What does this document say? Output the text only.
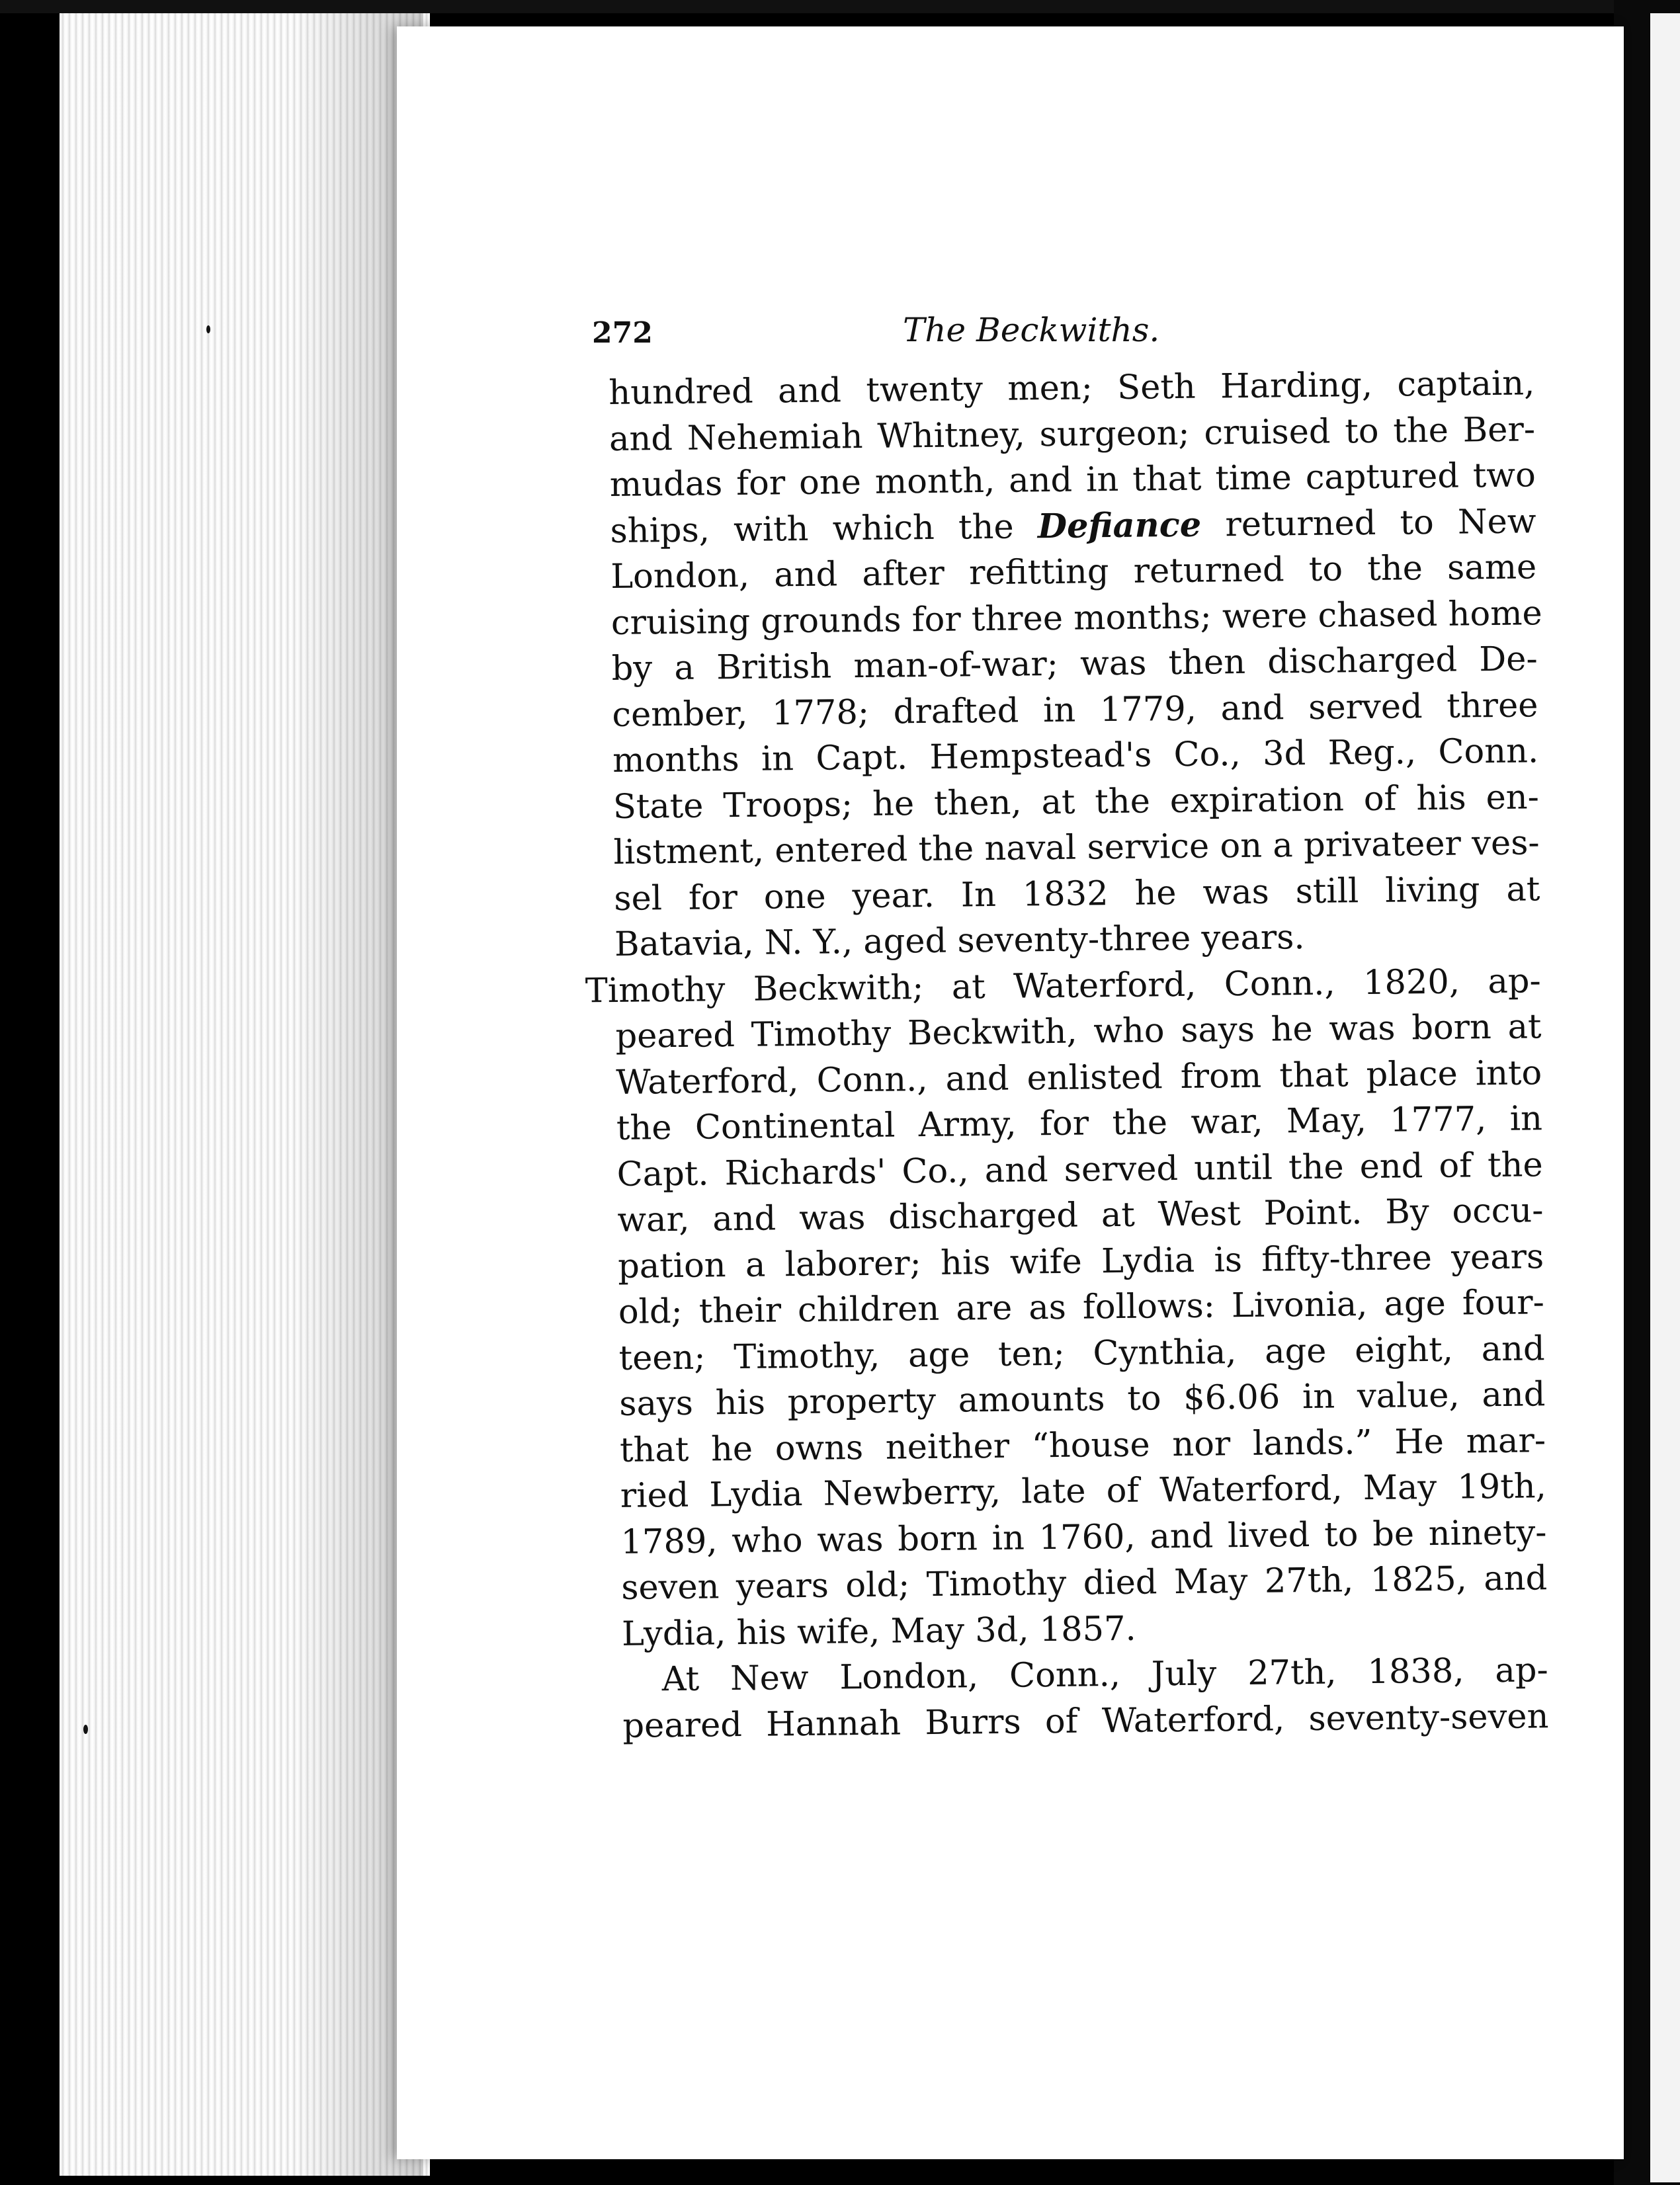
272	The Beckwiths.
hundred and twenty men; Seth Harding, captain,
and Nehemiah Whitney, surgeon; cruised to the Ber-
mudas for one month, and in that time captured two
ships, with which the Defiance returned to New
London, and after refitting returned to the same
cruising grounds for three months; were chased home
by a British man-of-war; was then discharged De-
cember, 1778; drafted in 1779, and served three
months in Capt. Hempstead's Co., 3d Reg., Conn.
State Troops; he then, at the expiration of his en-
listment, entered the naval service on a privateer ves-
sel for one year. In 1832 he was still living at
Batavia, N. Y., aged seventy-three years.
Timothy Beckwith; at Waterford, Conn., 1820, ap-
peared Timothy Beckwith, who says he was born at
Waterford, Conn., and enlisted from that place into
the Continental Army, for the war, May, 1777, in
Capt. Richards' Co., and served until the end of the
war, and was discharged at West Point. By occu-
pation a laborer; his wife Lydia is fifty-three years
old; their children are as follows: Livonia, age four-
teen; Timothy, age ten; Cynthia, age eight, and
says his property amounts to $6.06 in value, and
that he owns neither “house nor lands.” He mar-
ried Lydia Newberry, late of Waterford, May 19th,
1789, who was born in 1760, and lived to be ninety-
seven years old; Timothy died May 27th, 1825, and
Lydia, his wife, May 3d, 1857.
At New London, Conn., July 27th, 1838, ap-
peared Hannah Burrs of Waterford, seventy-seven
